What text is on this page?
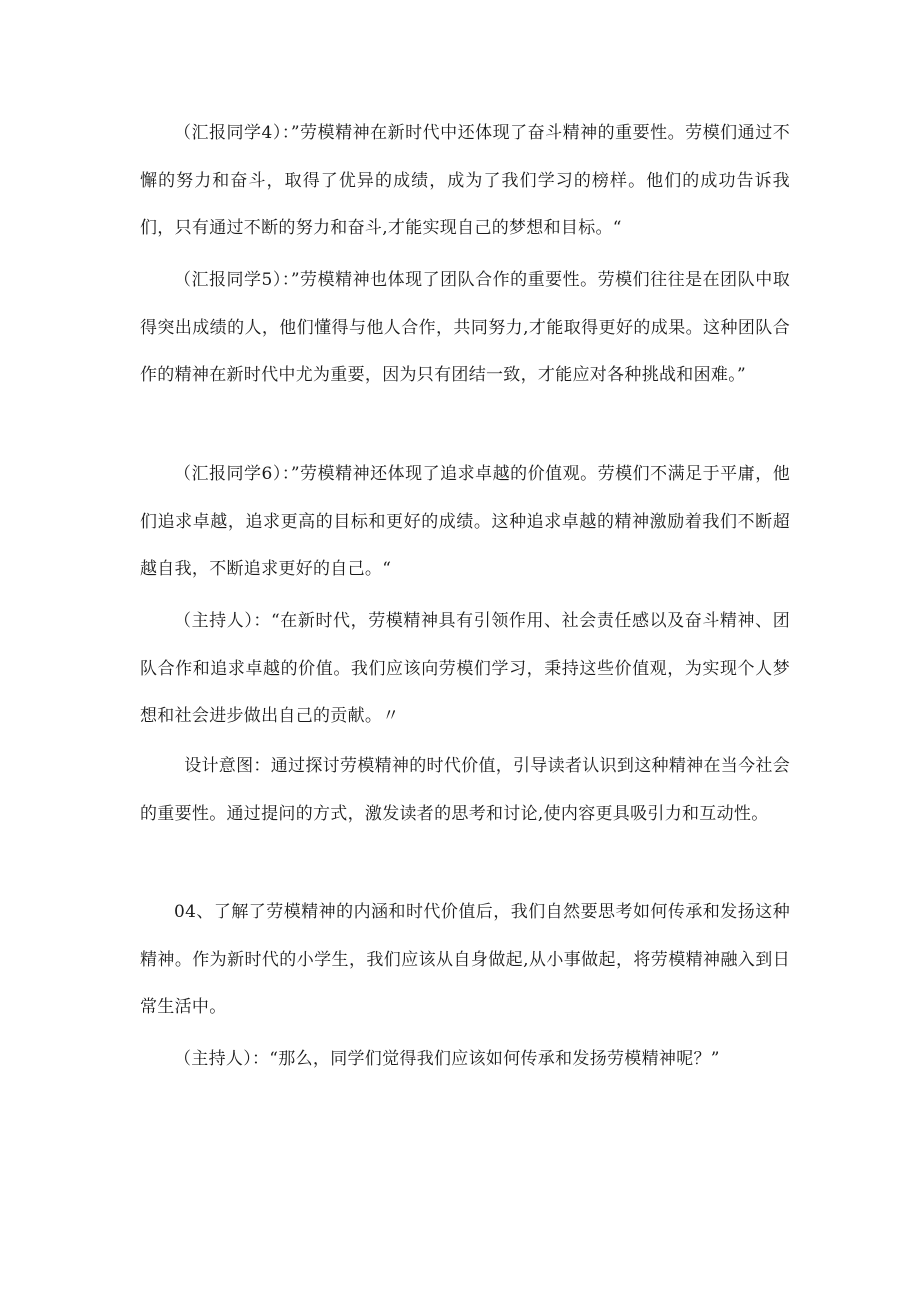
（汇报同学4）：”劳模精神在新时代中还体现了奋斗精神的重要性。劳模们通过不懈的努力和奋斗，取得了优异的成绩，成为了我们学习的榜样。他们的成功告诉我们，只有通过不断的努力和奋斗,才能实现自己的梦想和目标。“

（汇报同学5）：”劳模精神也体现了团队合作的重要性。劳模们往往是在团队中取得突出成绩的人，他们懂得与他人合作，共同努力,才能取得更好的成果。这种团队合作的精神在新时代中尤为重要，因为只有团结一致，才能应对各种挑战和困难。”

（汇报同学6）：”劳模精神还体现了追求卓越的价值观。劳模们不满足于平庸，他们追求卓越，追求更高的目标和更好的成绩。这种追求卓越的精神激励着我们不断超越自我，不断追求更好的自己。“

（主持人）：“在新时代，劳模精神具有引领作用、社会责任感以及奋斗精神、团队合作和追求卓越的价值。我们应该向劳模们学习，秉持这些价值观，为实现个人梦想和社会进步做出自己的贡献。〃

设计意图：通过探讨劳模精神的时代价值，引导读者认识到这种精神在当今社会的重要性。通过提问的方式，激发读者的思考和讨论,使内容更具吸引力和互动性。

04、了解了劳模精神的内涵和时代价值后，我们自然要思考如何传承和发扬这种精神。作为新时代的小学生，我们应该从自身做起,从小事做起，将劳模精神融入到日常生活中。

（主持人）：“那么，同学们觉得我们应该如何传承和发扬劳模精神呢？”
